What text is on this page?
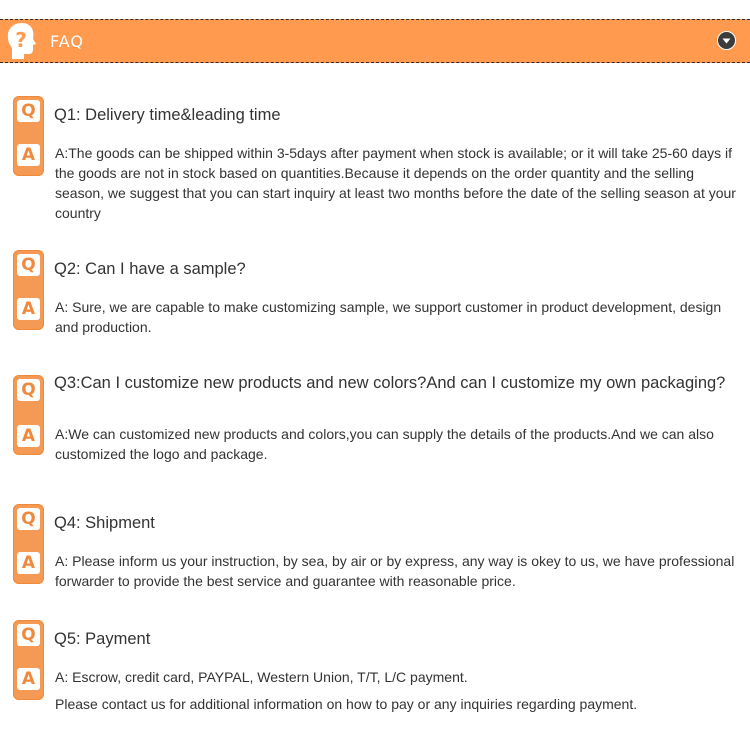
? FAQ
Q
A
Q1: Delivery time&leading time
A:The goods can be shipped within 3-5days after payment when stock is available; or it will take 25-60 days if the goods are not in stock based on quantities.Because it depends on the order quantity and the selling season, we suggest that you can start inquiry at least two months before the date of the selling season at your country
Q
A
Q2: Can I have a sample?
A: Sure, we are capable to make customizing sample, we support customer in product development, design and production.
Q
A
Q3:Can I customize new products and new colors?And can I customize my own packaging?
A:We can customized new products and colors,you can supply the details of the products.And we can also customized the logo and package.
Q
A
Q4: Shipment
A: Please inform us your instruction, by sea, by air or by express, any way is okey to us, we have professional forwarder to provide the best service and guarantee with reasonable price.
Q
A
Q5: Payment
A: Escrow, credit card, PAYPAL, Western Union, T/T, L/C payment.
Please contact us for additional information on how to pay or any inquiries regarding payment.
